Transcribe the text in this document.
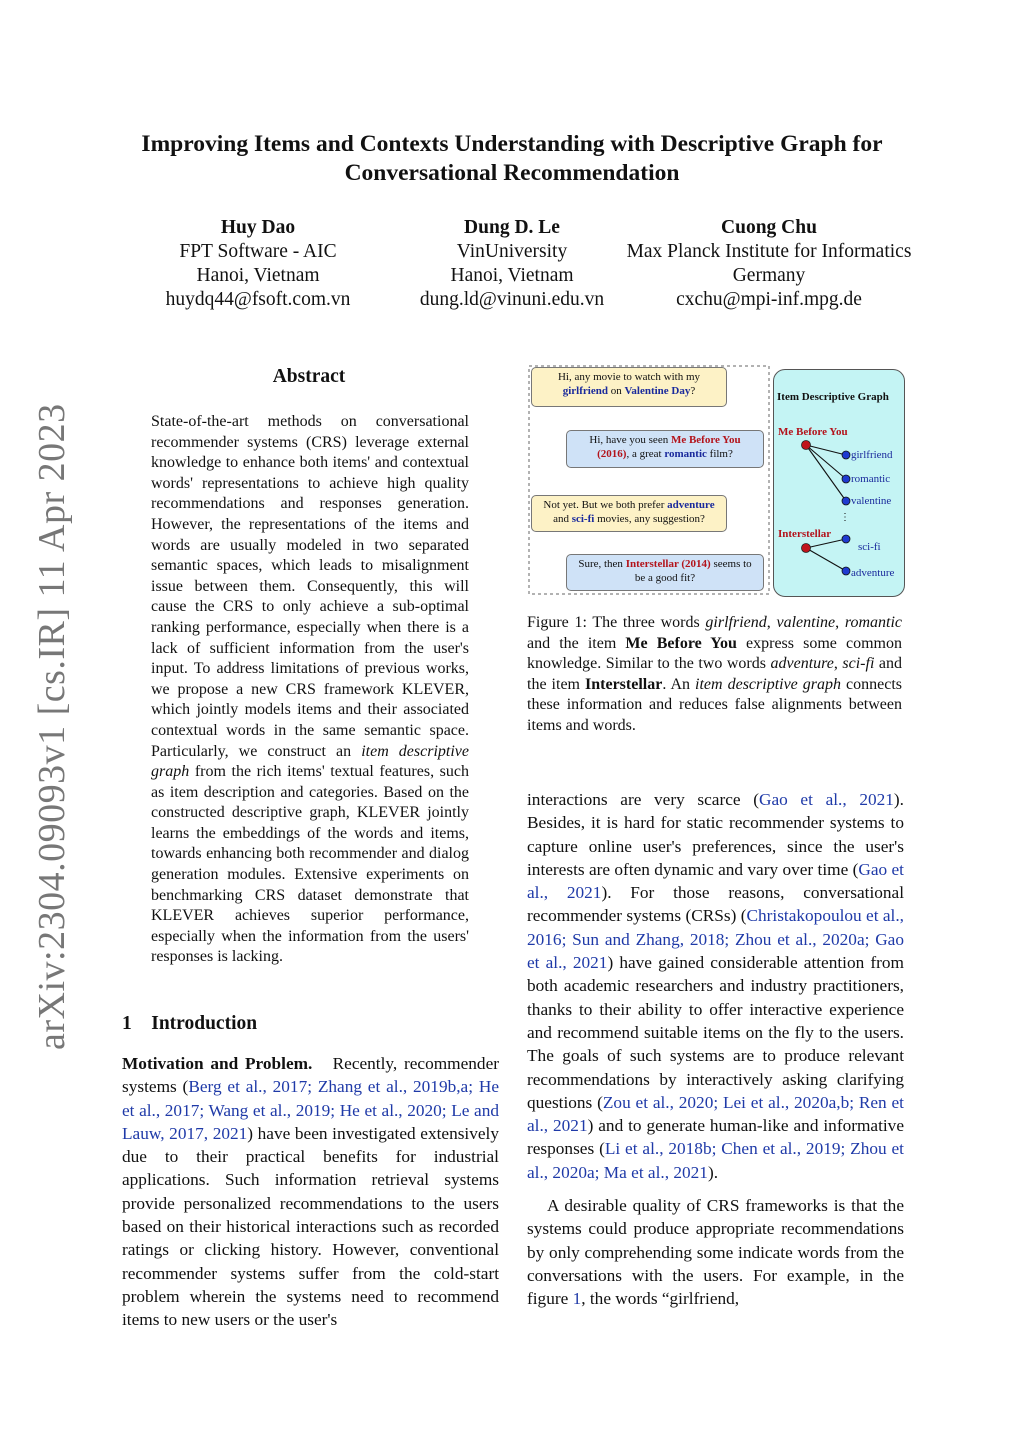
arXiv:2304.09093v1 [cs.IR] 11 Apr 2023
Improving Items and Contexts Understanding with Descriptive Graph for Conversational Recommendation
Huy Dao
FPT Software - AIC
Hanoi, Vietnam
huydq44@fsoft.com.vn
Dung D. Le
VinUniversity
Hanoi, Vietnam
dung.ld@vinuni.edu.vn
Cuong Chu
Max Planck Institute for Informatics
Germany
cxchu@mpi-inf.mpg.de
Abstract
State-of-the-art methods on conversational recommender systems (CRS) leverage external knowledge to enhance both items' and contextual words' representations to achieve high quality recommendations and responses generation. However, the representations of the items and words are usually modeled in two separated semantic spaces, which leads to misalignment issue between them. Consequently, this will cause the CRS to only achieve a sub-optimal ranking performance, especially when there is a lack of sufficient information from the user's input. To address limitations of previous works, we propose a new CRS framework KLEVER, which jointly models items and their associated contextual words in the same semantic space. Particularly, we construct an item descriptive graph from the rich items' textual features, such as item description and categories. Based on the constructed descriptive graph, KLEVER jointly learns the embeddings of the words and items, towards enhancing both recommender and dialog generation modules. Extensive experiments on benchmarking CRS dataset demonstrate that KLEVER achieves superior performance, especially when the information from the users' responses is lacking.
1    Introduction
Motivation and Problem. Recently, recommender systems (Berg et al., 2017; Zhang et al., 2019b,a; He et al., 2017; Wang et al., 2019; He et al., 2020; Le and Lauw, 2017, 2021) have been investigated extensively due to their practical benefits for industrial applications. Such information retrieval systems provide personalized recommendations to the users based on their historical interactions such as recorded ratings or clicking history. However, conventional recommender systems suffer from the cold-start problem wherein the systems need to recommend items to new users or the user's
Hi, any movie to watch with my
girlfriend on Valentine Day?
Hi, have you seen Me Before You
(2016), a great romantic film?
Not yet. But we both prefer adventure
and sci-fi movies, any suggestion?
Sure, then Interstellar (2014) seems to
be a good fit?
Item Descriptive Graph
Me Before You
Interstellar
girlfriend
romantic
valentine
⋮
sci-fi
adventure
Figure 1: The three words girlfriend, valentine, romantic and the item Me Before You express some common knowledge. Similar to the two words adventure, sci-fi and the item Interstellar. An item descriptive graph connects these information and reduces false alignments between items and words.

interactions are very scarce (Gao et al., 2021). Besides, it is hard for static recommender systems to capture online user's preferences, since the user's interests are often dynamic and vary over time (Gao et al., 2021). For those reasons, conversational recommender systems (CRSs) (Christakopoulou et al., 2016; Sun and Zhang, 2018; Zhou et al., 2020a; Gao et al., 2021) have gained considerable attention from both academic researchers and industry practitioners, thanks to their ability to offer interactive experience and recommend suitable items on the fly to the users. The goals of such systems are to produce relevant recommendations by interactively asking clarifying questions (Zou et al., 2020; Lei et al., 2020a,b; Ren et al., 2021) and to generate human-like and informative responses (Li et al., 2018b; Chen et al., 2019; Zhou et al., 2020a; Ma et al., 2021).

A desirable quality of CRS frameworks is that the systems could produce appropriate recommendations by only comprehending some indicate words from the conversations with the users. For example, in the figure 1, the words “girlfriend,
